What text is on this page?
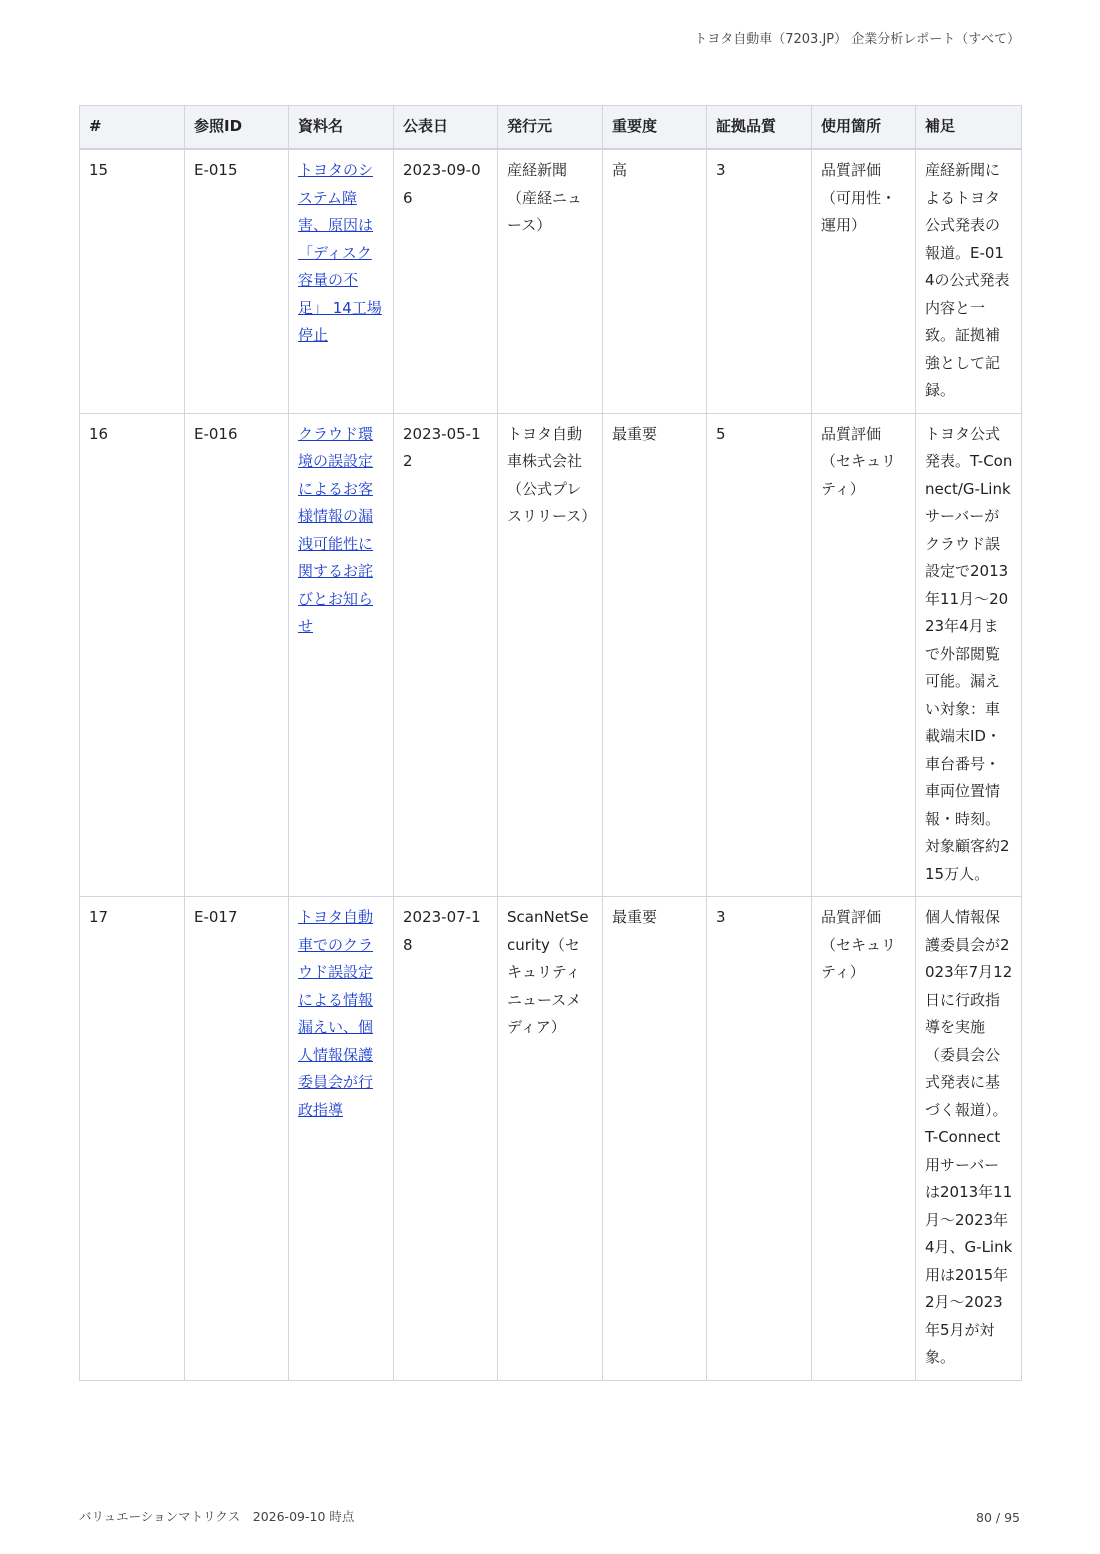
トヨタ自動車（7203.JP） 企業分析レポート（すべて）
#	参照ID	資料名	公表日	発行元	重要度	証拠品質	使用箇所	補足
15	E-015	トヨタのシステム障害、原因は「ディスク容量の不足」 14工場停止	2023-09-06	産経新聞（産経ニュース）	高	3	品質評価（可用性・運用）	産経新聞によるトヨタ公式発表の報道。E-014の公式発表内容と一致。証拠補強として記録。
16	E-016	クラウド環境の誤設定によるお客様情報の漏洩可能性に関するお詫びとお知らせ	2023-05-12	トヨタ自動車株式会社（公式プレスリリース）	最重要	5	品質評価（セキュリティ）	トヨタ公式発表。T-Connect/G-Linkサーバーがクラウド誤設定で2013年11月〜2023年4月まで外部閲覧可能。漏えい対象：車載端末ID・車台番号・車両位置情報・時刻。対象顧客約215万人。
17	E-017	トヨタ自動車でのクラウド誤設定による情報漏えい、個人情報保護委員会が行政指導	2023-07-18	ScanNetSecurity（セキュリティニュースメディア）	最重要	3	品質評価（セキュリティ）	個人情報保護委員会が2023年7月12日に行政指導を実施（委員会公式発表に基づく報道）。T-Connect用サーバーは2013年11月〜2023年4月、G-Link用は2015年2月〜2023年5月が対象。
バリュエーションマトリクス　2026-09-10 時点	80 / 95
